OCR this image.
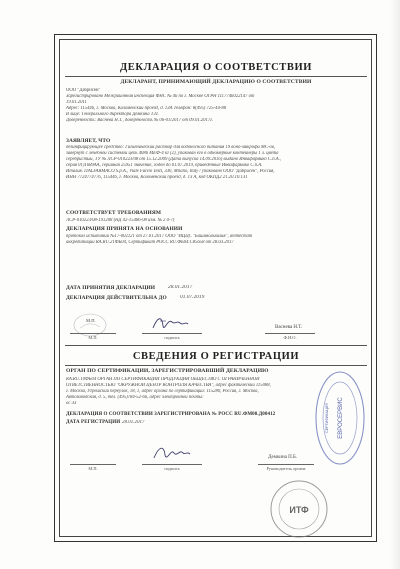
ДЕКЛАРАЦИЯ О СООТВЕТСТВИИ
ДЕКЛАРАНТ, ПРИНИМАЮЩИЙ ДЕКЛАРАЦИЮ О СООТВЕТСТВИИ
ООО "Дабрисен"
Зарегистрировано Межрайонная инспекция ФНС № 46 по г. Москве ОГРН 1117746022147 от
19.01.2011
Адрес: 115446, г. Москва, Коломенский проезд, д. 13А Телефон: 8(495) 725-44-88
В лице: Генерального директора Демкина Т.П.
Доверенность: Васнева Н.Т., доверенность № 06-01/2017 от 09.01.2017г.
ЗАЯВЛЯЕТ, ЧТО
дезинфицирующее средство: Гигиенический раствор для водоносного питания 19 воно-микрофи МС-ов,
завернут с лечебной системой цепь 4086 МЕФ-4 кг (2), упакован его в одномерные контейнеры 1 л. цвета
серебристый, ТУ № ЛСР-010223/08 от 15.12.2009 (Дата выпуска 14.09.2016) выдано Инвафармико С.п.А.,
серия 01)1689АА, серийная 25951 значение, годен до 01.07.2019, приведённые Инвафармико С.п.А.
Италия. ITALFARMACO S.p.A., Viale Fulvio Testi, 330, Milano, Italy / упаковано ООО "Дабрисен", Россия,
ИНН 7724774776, 115446, г. Москва, Коломенский проезд, д. 13 А, код ОКПД2 21.20.10.131
СООТВЕТСТВУЕТ ТРЕБОВАНИЯМ
ЛСР-010223/08-191208 (НД 42-15486-08 изм. № 2 4-7)
ДЕКЛАРАЦИЯ ПРИНЯТА НА ОСНОВАНИИ
протокол испытаний №17-002121 от 27.01.2017 ООО "ИЦЦС "Башинольвилия", аттестат
аккредитации RA.RU.21ФБ04, Сертификат РОСС RU.ФБ04.С85658 от 28.03.2017
ДАТА ПРИНЯТИЯ ДЕКЛАРАЦИИ 28.01.2017
ДЕКЛАРАЦИЯ ДЕЙСТВИТЕЛЬНА ДО 01.07.2019
М.П.
М.П.	подпись
Васнева Н.Т.
Ф.И.О.
СВЕДЕНИЯ О РЕГИСТРАЦИИ
ОРГАН ПО СЕРТИФИКАЦИИ, ЗАРЕГИСТРИРОВАВШИЙ ДЕКЛАРАЦИЮ
RA.RU.10ФБ04 ОРГАН ПО СЕРТИФИКАЦИИ ПРОДУКЦИИ ОБЩЕСТВО С ОГРАНИЧЕННОЙ
ОТВЕТСТВЕННОСТЬЮ "ОКРУЖНОЙ ЦЕНТР КОНТРОЛЯ КАЧЕСТВА", адрес фактический 115088,
г. Москва, Угрешский переулок, 18, 1, адрес органа по сертификации: 115280, Россия, г. Москва,
Автозаводская, д. 5, тел. (495)784-52-66, адрес электронной почты:
ос 33
ДЕКЛАРАЦИЯ О СООТВЕТСТВИИ ЗАРЕГИСТРИРОВАНА № РОСС RU.ФМ08.Д00412
ДАТА РЕГИСТРАЦИИ 28.01.2017	ЕВРОСЕРВИС
СЕРТИФИКАЦИЯ
подпись
Демкина П.Б.
Руководитель органа
М.П.
ИТФ
